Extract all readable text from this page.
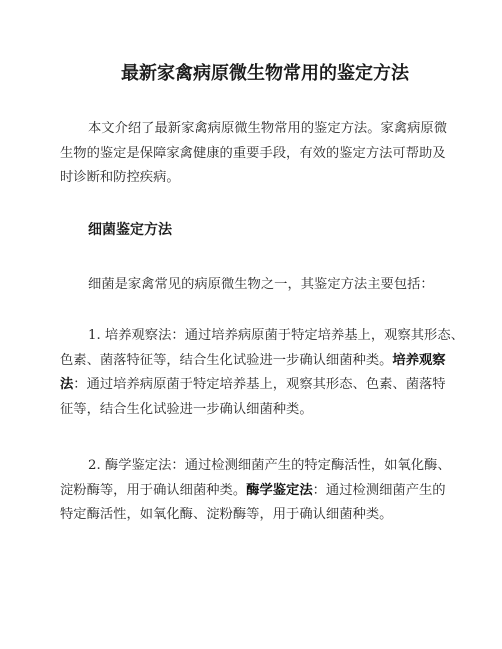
最新家禽病原微生物常用的鉴定方法
本文介绍了最新家禽病原微生物常用的鉴定方法。家禽病原微
生物的鉴定是保障家禽健康的重要手段，有效的鉴定方法可帮助及
时诊断和防控疾病。
细菌鉴定方法
细菌是家禽常见的病原微生物之一，其鉴定方法主要包括：
1. 培养观察法：通过培养病原菌于特定培养基上，观察其形态、
色素、菌落特征等，结合生化试验进一步确认细菌种类。培养观察
法：通过培养病原菌于特定培养基上，观察其形态、色素、菌落特
征等，结合生化试验进一步确认细菌种类。
2. 酶学鉴定法：通过检测细菌产生的特定酶活性，如氧化酶、
淀粉酶等，用于确认细菌种类。酶学鉴定法：通过检测细菌产生的
特定酶活性，如氧化酶、淀粉酶等，用于确认细菌种类。
